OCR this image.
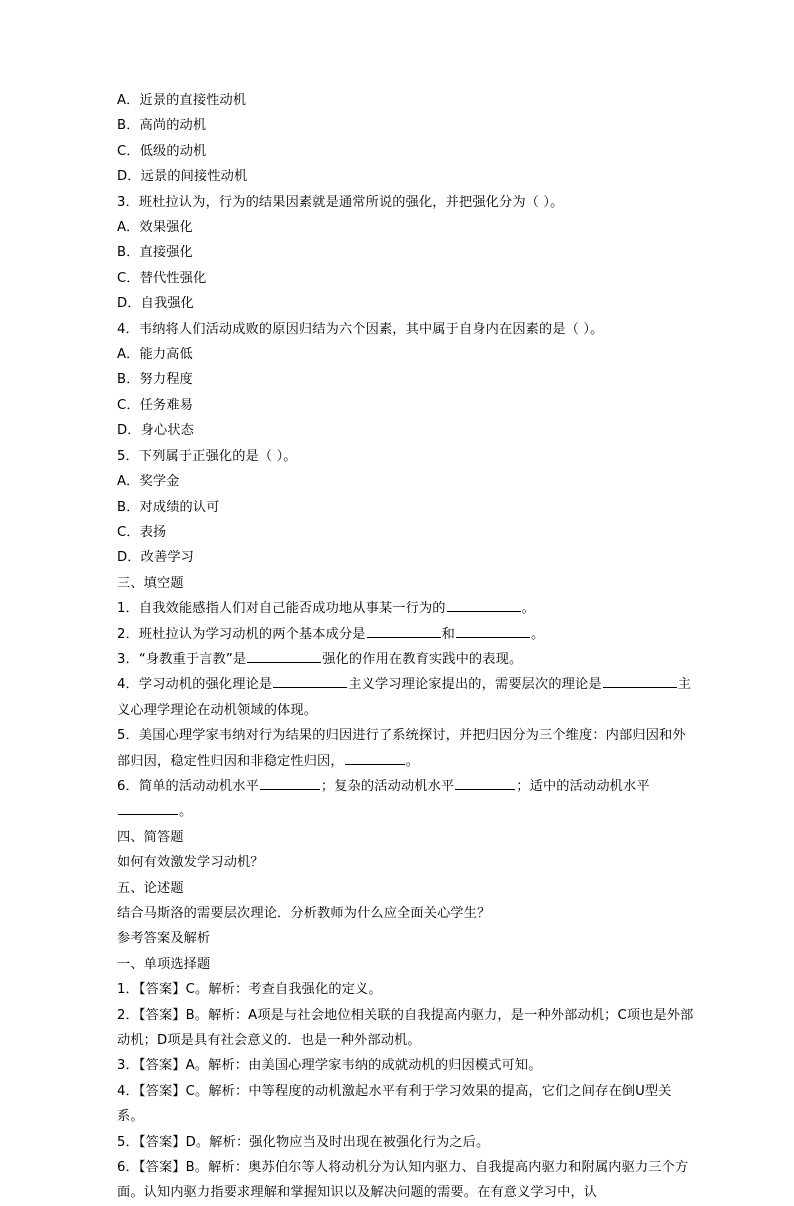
A．近景的直接性动机
B．高尚的动机
C．低级的动机
D．远景的间接性动机
3．班杜拉认为，行为的结果因素就是通常所说的强化，并把强化分为（ ）。
A．效果强化
B．直接强化
C．替代性强化
D．自我强化
4．韦纳将人们活动成败的原因归结为六个因素，其中属于自身内在因素的是（ ）。
A．能力高低
B．努力程度
C．任务难易
D．身心状态
5．下列属于正强化的是（ ）。
A．奖学金
B．对成绩的认可
C．表扬
D．改善学习
三、填空题
1．自我效能感指人们对自己能否成功地从事某一行为的	。
2．班杜拉认为学习动机的两个基本成分是	和	。
3．“身教重于言教”是	强化的作用在教育实践中的表现。
4．学习动机的强化理论是	主义学习理论家提出的，需要层次的理论是	主义心理学理论在动机领域的体现。
5．美国心理学家韦纳对行为结果的归因进行了系统探讨，并把归因分为三个维度：内部归因和外部归因，稳定性归因和非稳定性归因，	。
6．简单的活动动机水平	；复杂的活动动机水平	；适中的活动动机水平。
四、简答题
如何有效激发学习动机？
五、论述题
结合马斯洛的需要层次理论．分析教师为什么应全面关心学生？
参考答案及解析
一、单项选择题
1．【答案】C。解析：考查自我强化的定义。
2．【答案】B。解析：A项是与社会地位相关联的自我提高内驱力，是一种外部动机；C项也是外部动机；D项是具有社会意义的．也是一种外部动机。
3．【答案】A。解析：由美国心理学家韦纳的成就动机的归因模式可知。
4．【答案】C。解析：中等程度的动机激起水平有利于学习效果的提高，它们之间存在倒U型关系。
5．【答案】D。解析：强化物应当及时出现在被强化行为之后。
6．【答案】B。解析：奥苏伯尔等人将动机分为认知内驱力、自我提高内驱力和附属内驱力三个方面。认知内驱力指要求理解和掌握知识以及解决问题的需要。在有意义学习中，认
